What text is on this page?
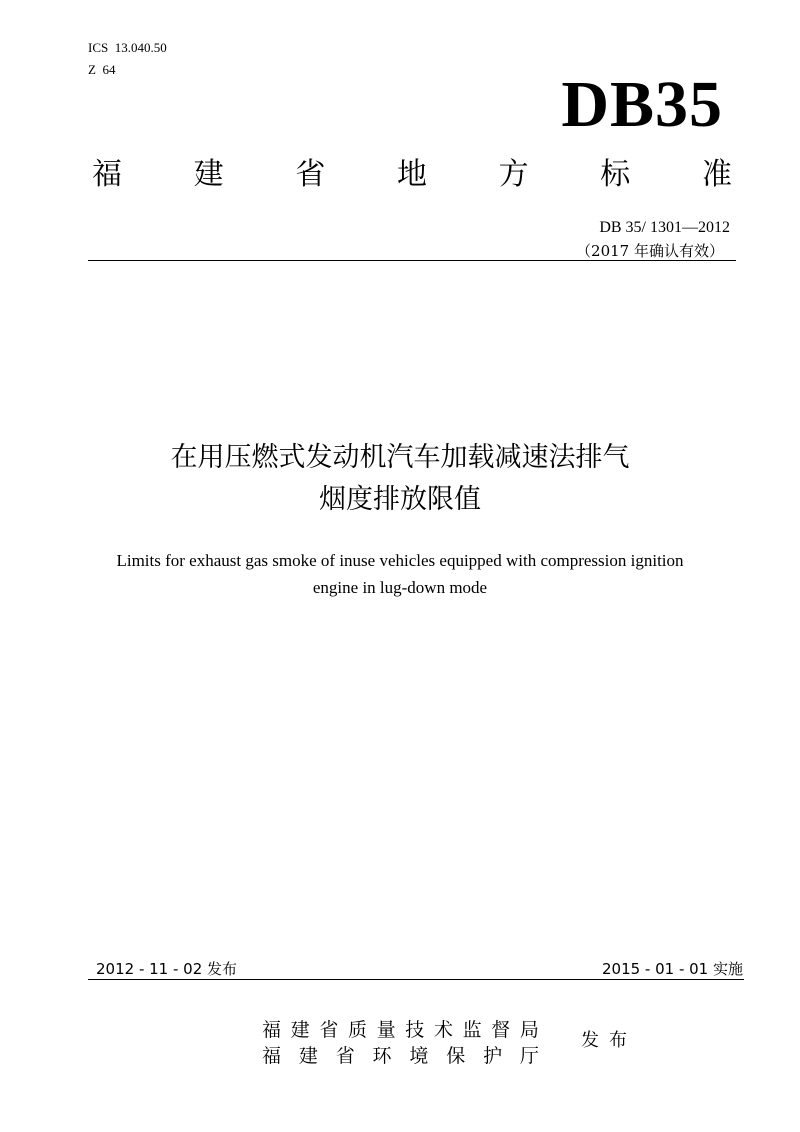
ICS  13.040.50
Z  64	DB35
福 建 省 地 方 标 准
DB 35/ 1301—2012
（2017 年确认有效）
在用压燃式发动机汽车加载减速法排气
烟度排放限值
Limits for exhaust gas smoke of inuse vehicles equipped with compression ignition
engine in lug-down mode
2012 - 11 - 02 发布	2015 - 01 - 01 实施
福 建 省 质 量 技 术 监 督 局
福 建 省 环 境 保 护 厅
发布
